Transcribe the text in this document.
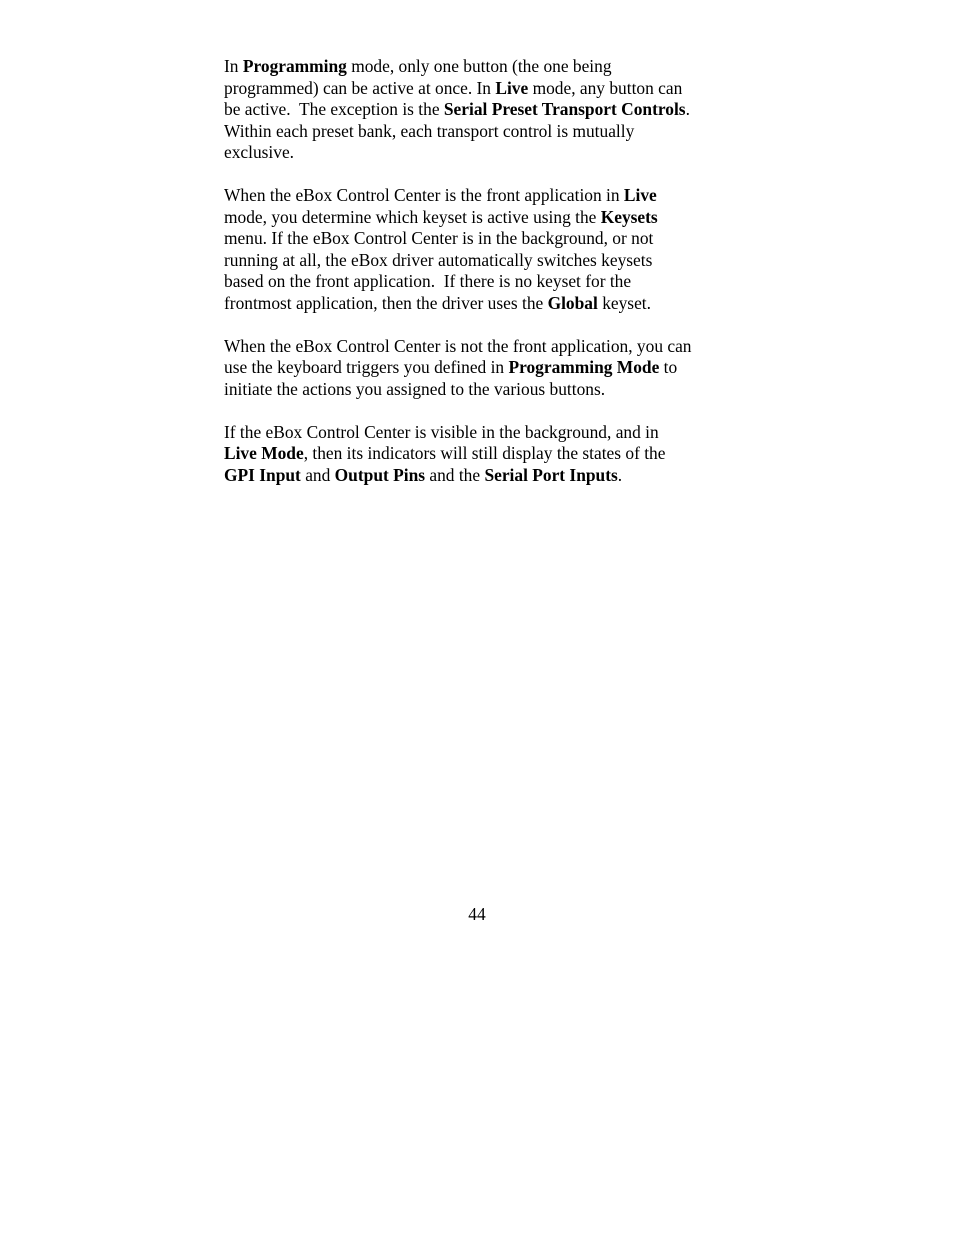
In Programming mode, only one button (the one being
programmed) can be active at once. In Live mode, any button can
be active.  The exception is the Serial Preset Transport Controls.
Within each preset bank, each transport control is mutually
exclusive.

When the eBox Control Center is the front application in Live
mode, you determine which keyset is active using the Keysets
menu. If the eBox Control Center is in the background, or not
running at all, the eBox driver automatically switches keysets
based on the front application.  If there is no keyset for the
frontmost application, then the driver uses the Global keyset.

When the eBox Control Center is not the front application, you can
use the keyboard triggers you defined in Programming Mode to
initiate the actions you assigned to the various buttons.

If the eBox Control Center is visible in the background, and in
Live Mode, then its indicators will still display the states of the
GPI Input and Output Pins and the Serial Port Inputs.

44
